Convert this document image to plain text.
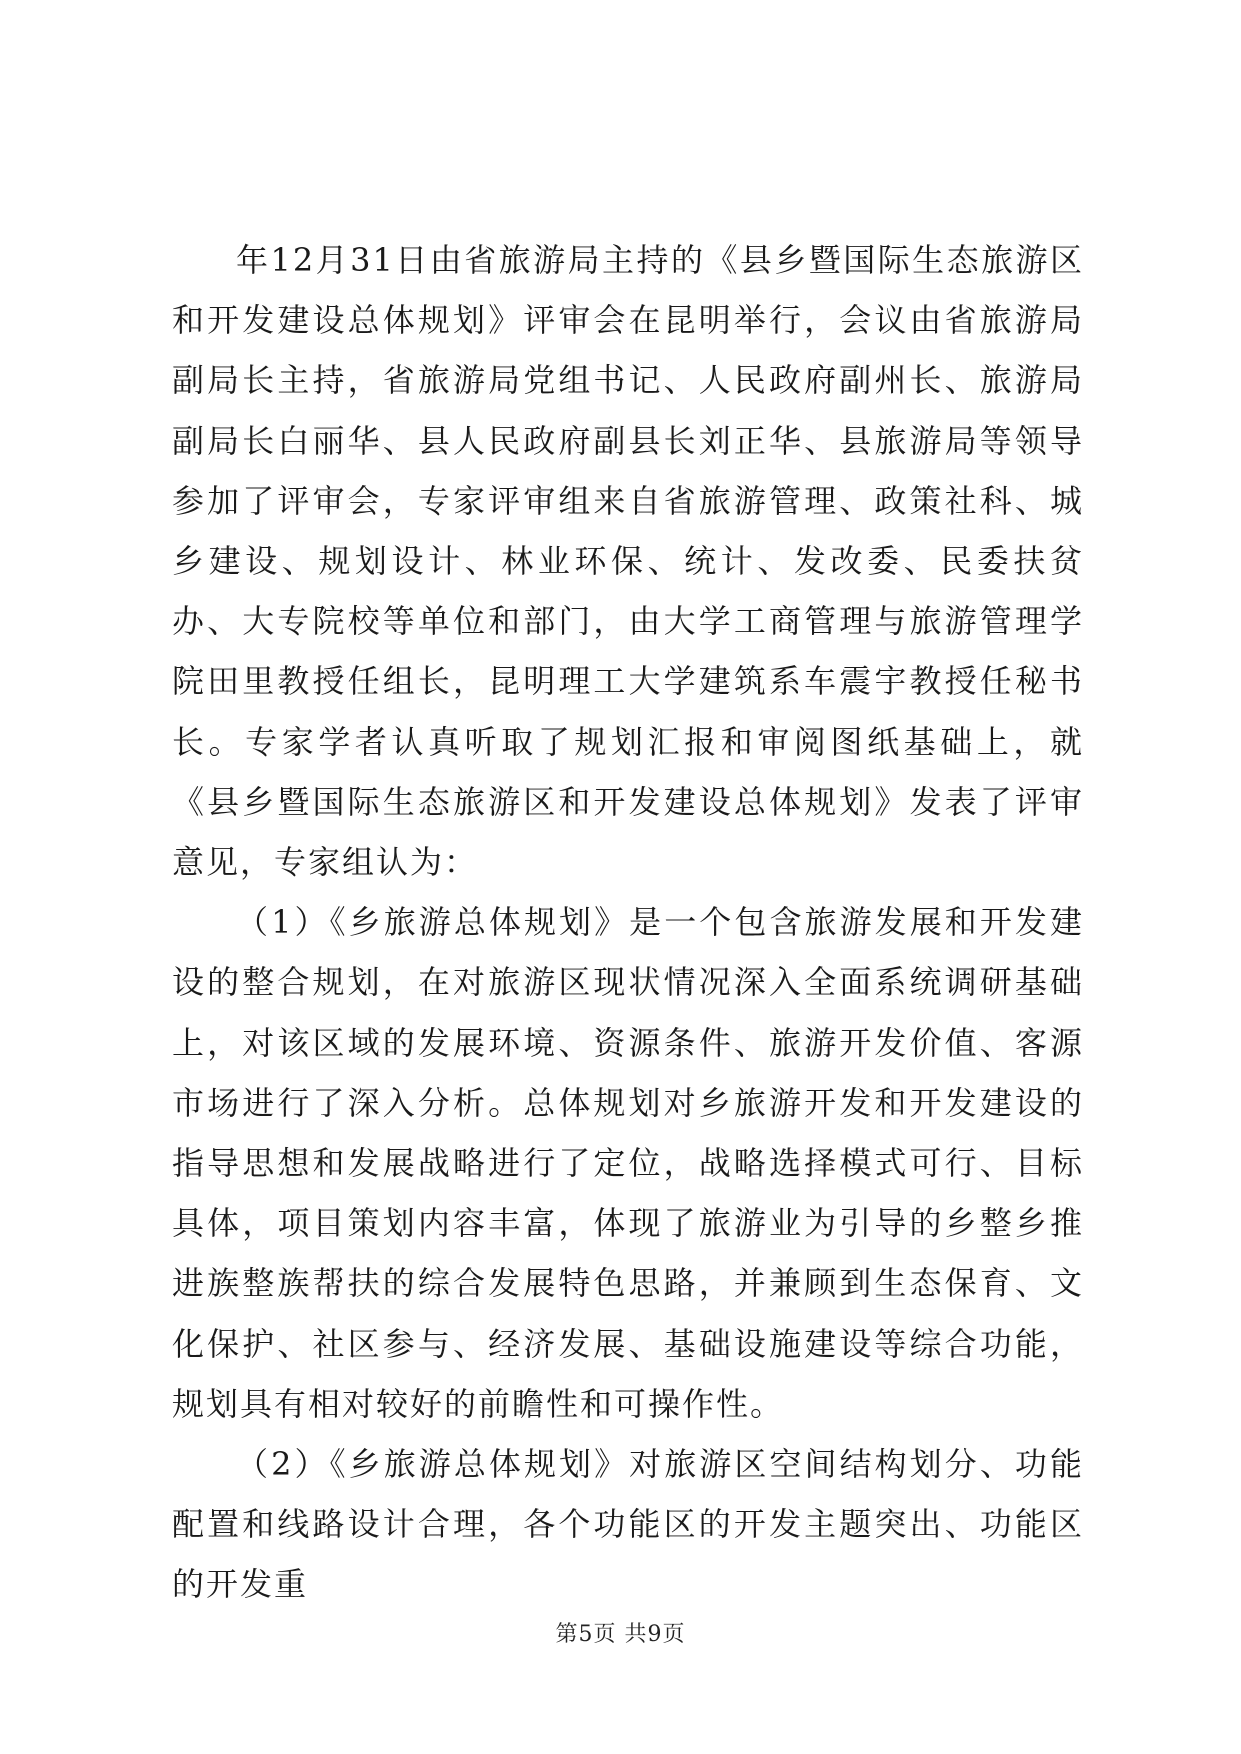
年12月31日由省旅游局主持的《县乡暨国际生态旅游区和开发建设总体规划》评审会在昆明举行，会议由省旅游局副局长主持，省旅游局党组书记、人民政府副州长、旅游局副局长白丽华、县人民政府副县长刘正华、县旅游局等领导参加了评审会，专家评审组来自省旅游管理、政策社科、城乡建设、规划设计、林业环保、统计、发改委、民委扶贫办、大专院校等单位和部门，由大学工商管理与旅游管理学院田里教授任组长，昆明理工大学建筑系车震宇教授任秘书长。专家学者认真听取了规划汇报和审阅图纸基础上，就《县乡暨国际生态旅游区和开发建设总体规划》发表了评审意见，专家组认为：

（1）《乡旅游总体规划》是一个包含旅游发展和开发建设的整合规划，在对旅游区现状情况深入全面系统调研基础上，对该区域的发展环境、资源条件、旅游开发价值、客源市场进行了深入分析。总体规划对乡旅游开发和开发建设的指导思想和发展战略进行了定位，战略选择模式可行、目标具体，项目策划内容丰富，体现了旅游业为引导的乡整乡推进族整族帮扶的综合发展特色思路，并兼顾到生态保育、文化保护、社区参与、经济发展、基础设施建设等综合功能，规划具有相对较好的前瞻性和可操作性。

（2）《乡旅游总体规划》对旅游区空间结构划分、功能配置和线路设计合理，各个功能区的开发主题突出、功能区的开发重

第5页 共9页
